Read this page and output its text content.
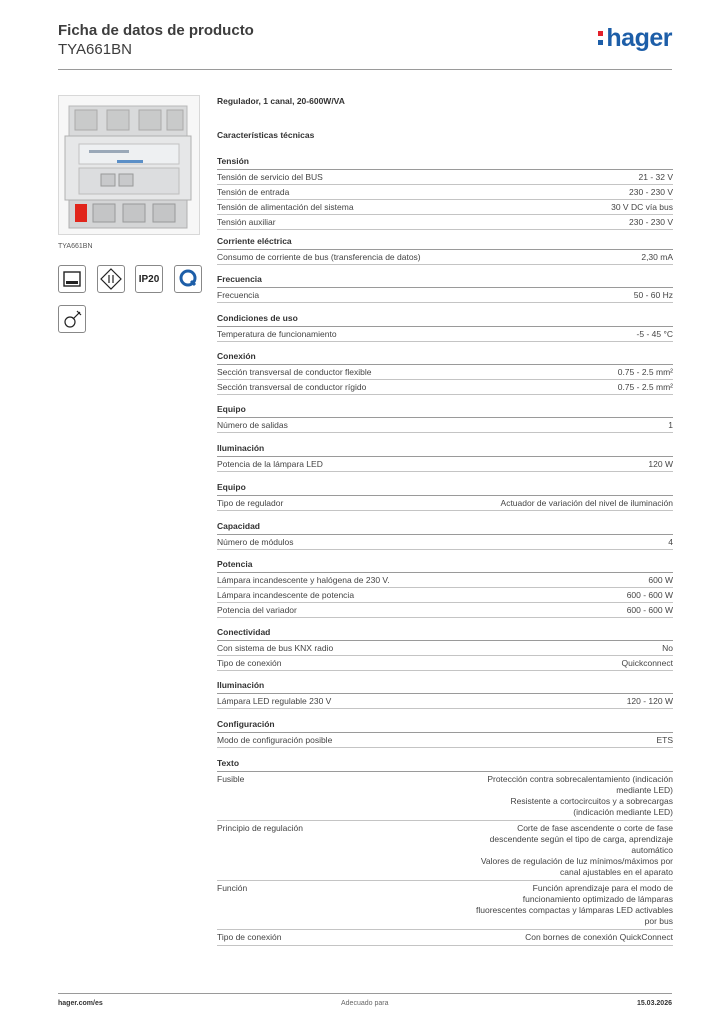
Ficha de datos de producto
TYA661BN	hager
TYA661BN
IP20
Regulador, 1 canal, 20-600W/VA
Características técnicas
Tensión
Tensión de servicio del BUS	21 - 32 V
Tensión de entrada	230 - 230 V
Tensión de alimentación del sistema	30 V DC vía bus
Tensión auxiliar	230 - 230 V
Corriente eléctrica
Consumo de corriente de bus (transferencia de datos)	2,30 mA
Frecuencia
Frecuencia	50 - 60 Hz
Condiciones de uso
Temperatura de funcionamiento	-5 - 45 °C
Conexión
Sección transversal de conductor flexible	0.75 - 2.5 mm²
Sección transversal de conductor rígido	0.75 - 2.5 mm²
Equipo
Número de salidas	1
Iluminación
Potencia de la lámpara LED	120 W
Equipo
Tipo de regulador	Actuador de variación del nivel de iluminación
Capacidad
Número de módulos	4
Potencia
Lámpara incandescente y halógena de 230 V.	600 W
Lámpara incandescente de potencia	600 - 600 W
Potencia del variador	600 - 600 W
Conectividad
Con sistema de bus KNX radio	No
Tipo de conexión	Quickconnect
Iluminación
Lámpara LED regulable 230 V	120 - 120 W
Configuración
Modo de configuración posible	ETS
Texto
Fusible	Protección contra sobrecalentamiento (indicación
mediante LED)
Resistente a cortocircuitos y a sobrecargas
(indicación mediante LED)
Principio de regulación	Corte de fase ascendente o corte de fase
descendente según el tipo de carga, aprendizaje
automático
Valores de regulación de luz mínimos/máximos por
canal ajustables en el aparato
Función	Función aprendizaje para el modo de
funcionamiento optimizado de lámparas
fluorescentes compactas y lámparas LED activables
por bus
Tipo de conexión	Con bornes de conexión QuickConnect
hager.com/es	Adecuado para	15.03.2026
